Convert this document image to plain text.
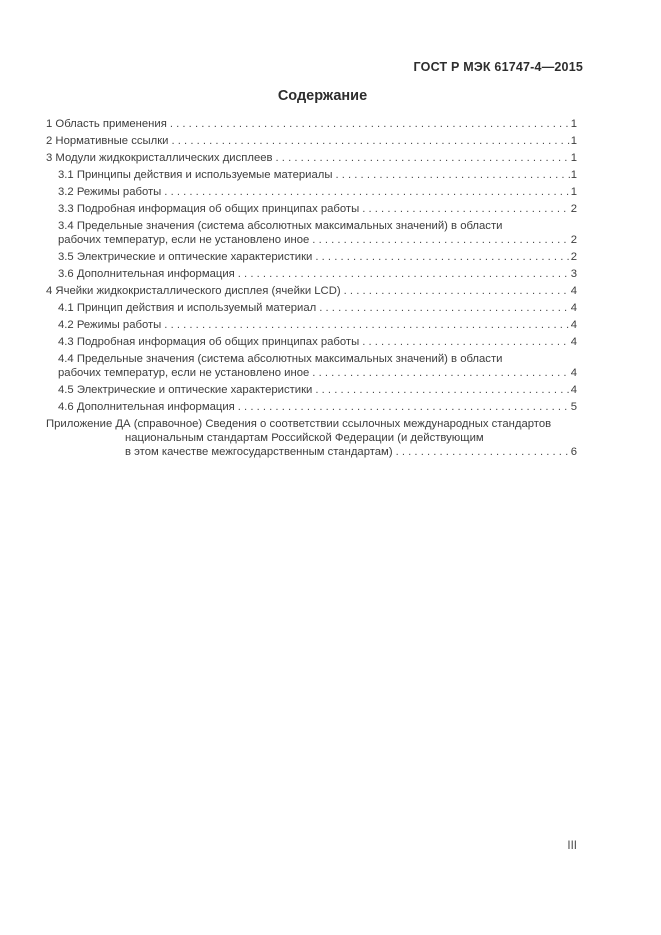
ГОСТ Р МЭК 61747-4—2015
Содержание
1 Область применения . . .	1
2 Нормативные ссылки . . .	1
3 Модули жидкокристаллических дисплеев . . .	1
3.1 Принципы действия и используемые материалы . . .	1
3.2 Режимы работы . . .	1
3.3 Подробная информация об общих принципах работы . . .	2
3.4 Предельные значения (система абсолютных максимальных значений) в области
рабочих температур, если не установлено иное . . .	2
3.5 Электрические и оптические характеристики . . .	2
3.6 Дополнительная информация . . .	3
4 Ячейки жидкокристаллического дисплея (ячейки LCD) . . .	4
4.1 Принцип действия и используемый материал . . .	4
4.2 Режимы работы . . .	4
4.3 Подробная информация об общих принципах работы . . .	4
4.4 Предельные значения (система абсолютных максимальных значений) в области
рабочих температур, если не установлено иное . . .	4
4.5 Электрические и оптические характеристики . . .	4
4.6 Дополнительная информация . . .	5
Приложение ДА (справочное) Сведения о соответствии ссылочных международных стандартов
национальным стандартам Российской Федерации (и действующим
в этом качестве межгосударственным стандартам) . . .	6
III
